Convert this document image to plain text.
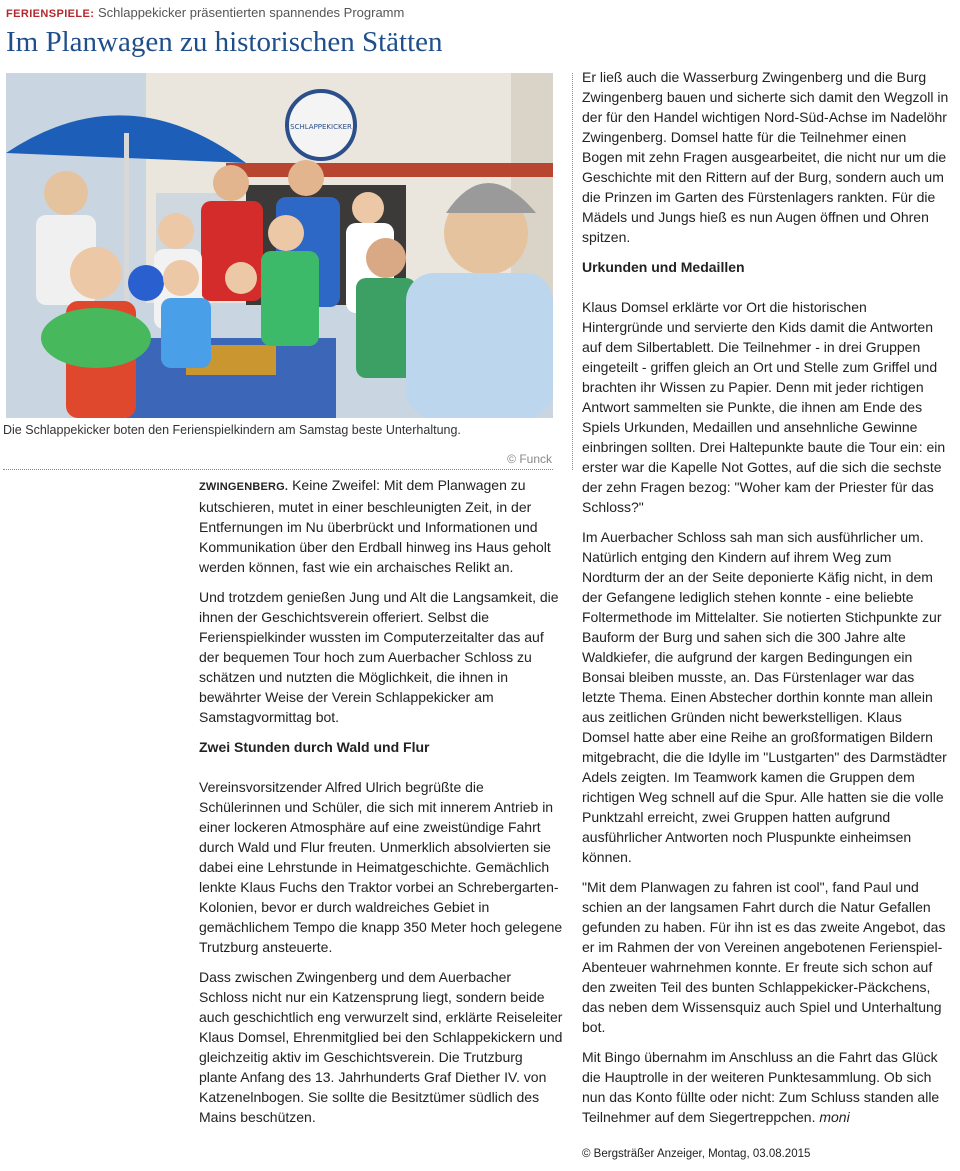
FERIENSPIELE: Schlappekicker präsentierten spannendes Programm
Im Planwagen zu historischen Stätten
SCHLAPPEKICKER
Die Schlappekicker boten den Ferienspielkindern am Samstag beste Unterhaltung.
© Funck

ZWINGENBERG. Keine Zweifel: Mit dem Planwagen zu kutschieren, mutet in einer beschleunigten Zeit, in der Entfernungen im Nu überbrückt und Informationen und Kommunikation über den Erdball hinweg ins Haus geholt werden können, fast wie ein archaisches Relikt an.

Und trotzdem genießen Jung und Alt die Langsamkeit, die ihnen der Geschichtsverein offeriert. Selbst die Ferienspielkinder wussten im Computerzeitalter das auf der bequemen Tour hoch zum Auerbacher Schloss zu schätzen und nutzten die Möglichkeit, die ihnen in bewährter Weise der Verein Schlappekicker am Samstagvormittag bot.

Zwei Stunden durch Wald und Flur

Vereinsvorsitzender Alfred Ulrich begrüßte die Schülerinnen und Schüler, die sich mit innerem Antrieb in einer lockeren Atmosphäre auf eine zweistündige Fahrt durch Wald und Flur freuten. Unmerklich absolvierten sie dabei eine Lehrstunde in Heimatgeschichte. Gemächlich lenkte Klaus Fuchs den Traktor vorbei an Schrebergarten-Kolonien, bevor er durch waldreiches Gebiet in gemächlichem Tempo die knapp 350 Meter hoch gelegene Trutzburg ansteuerte.

Dass zwischen Zwingenberg und dem Auerbacher Schloss nicht nur ein Katzensprung liegt, sondern beide auch geschichtlich eng verwurzelt sind, erklärte Reiseleiter Klaus Domsel, Ehrenmitglied bei den Schlappekickern und gleichzeitig aktiv im Geschichtsverein. Die Trutzburg plante Anfang des 13. Jahrhunderts Graf Diether IV. von Katzenelnbogen. Sie sollte die Besitztümer südlich des Mains beschützen.

Er ließ auch die Wasserburg Zwingenberg und die Burg Zwingenberg bauen und sicherte sich damit den Wegzoll in der für den Handel wichtigen Nord-Süd-Achse im Nadelöhr Zwingenberg. Domsel hatte für die Teilnehmer einen Bogen mit zehn Fragen ausgearbeitet, die nicht nur um die Geschichte mit den Rittern auf der Burg, sondern auch um die Prinzen im Garten des Fürstenlagers rankten. Für die Mädels und Jungs hieß es nun Augen öffnen und Ohren spitzen.

Urkunden und Medaillen

Klaus Domsel erklärte vor Ort die historischen Hintergründe und servierte den Kids damit die Antworten auf dem Silbertablett. Die Teilnehmer - in drei Gruppen eingeteilt - griffen gleich an Ort und Stelle zum Griffel und brachten ihr Wissen zu Papier. Denn mit jeder richtigen Antwort sammelten sie Punkte, die ihnen am Ende des Spiels Urkunden, Medaillen und ansehnliche Gewinne einbringen sollten. Drei Haltepunkte baute die Tour ein: ein erster war die Kapelle Not Gottes, auf die sich die sechste der zehn Fragen bezog: "Woher kam der Priester für das Schloss?"

Im Auerbacher Schloss sah man sich ausführlicher um. Natürlich entging den Kindern auf ihrem Weg zum Nordturm der an der Seite deponierte Käfig nicht, in dem der Gefangene lediglich stehen konnte - eine beliebte Foltermethode im Mittelalter. Sie notierten Stichpunkte zur Bauform der Burg und sahen sich die 300 Jahre alte Waldkiefer, die aufgrund der kargen Bedingungen ein Bonsai bleiben musste, an. Das Fürstenlager war das letzte Thema. Einen Abstecher dorthin konnte man allein aus zeitlichen Gründen nicht bewerkstelligen. Klaus Domsel hatte aber eine Reihe an großformatigen Bildern mitgebracht, die die Idylle im "Lustgarten" des Darmstädter Adels zeigten. Im Teamwork kamen die Gruppen dem richtigen Weg schnell auf die Spur. Alle hatten sie die volle Punktzahl erreicht, zwei Gruppen hatten aufgrund ausführlicher Antworten noch Pluspunkte einheimsen können.

"Mit dem Planwagen zu fahren ist cool", fand Paul und schien an der langsamen Fahrt durch die Natur Gefallen gefunden zu haben. Für ihn ist es das zweite Angebot, das er im Rahmen der von Vereinen angebotenen Ferienspiel-Abenteuer wahrnehmen konnte. Er freute sich schon auf den zweiten Teil des bunten Schlappekicker-Päckchens, das neben dem Wissensquiz auch Spiel und Unterhaltung bot.

Mit Bingo übernahm im Anschluss an die Fahrt das Glück die Hauptrolle in der weiteren Punktesammlung. Ob sich nun das Konto füllte oder nicht: Zum Schluss standen alle Teilnehmer auf dem Siegertreppchen. moni

© Bergsträßer Anzeiger, Montag, 03.08.2015
